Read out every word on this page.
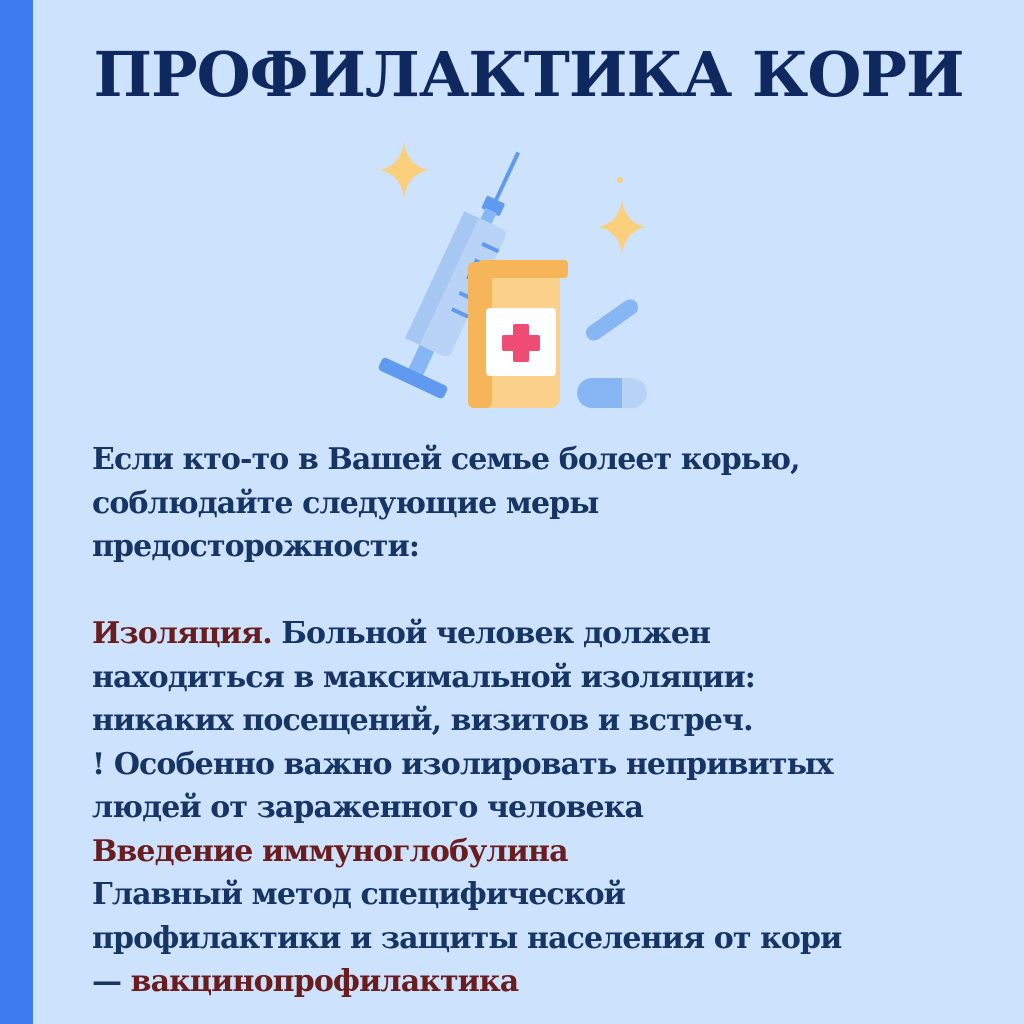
ПРОФИЛАКТИКА КОРИ

Если кто-то в Вашей семье болеет корью,

соблюдайте следующие меры

предосторожности:

Изоляция. Больной человек должен

находиться в максимальной изоляции:

никаких посещений, визитов и встреч.

! Особенно важно изолировать непривитых

людей от зараженного человека

Введение иммуноглобулина

Главный метод специфической

профилактики и защиты населения от кори

— вакцинопрофилактика
